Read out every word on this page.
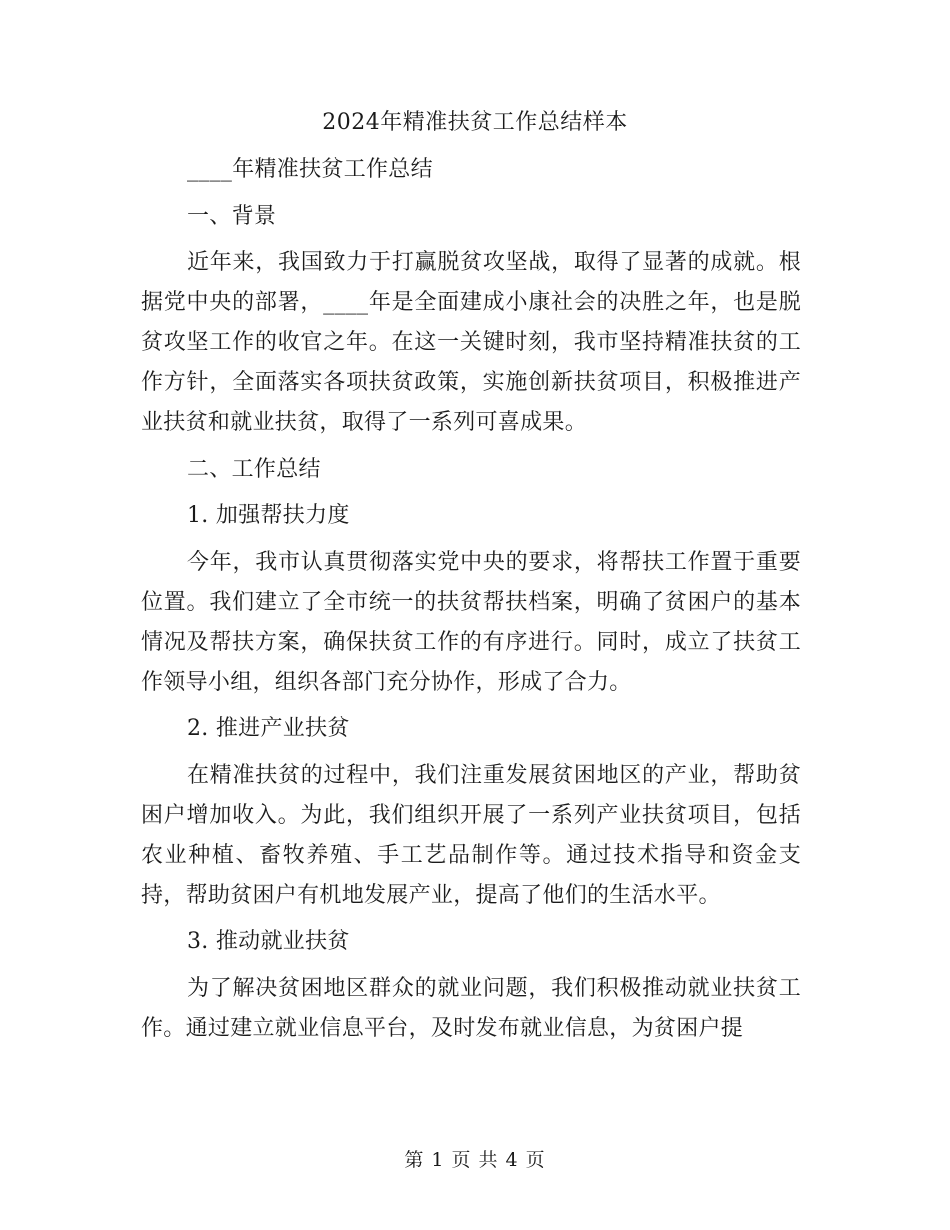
2024年精准扶贫工作总结样本

____年精准扶贫工作总结

一、背景

近年来，我国致力于打赢脱贫攻坚战，取得了显著的成就。根据党中央的部署，____年是全面建成小康社会的决胜之年，也是脱贫攻坚工作的收官之年。在这一关键时刻，我市坚持精准扶贫的工作方针，全面落实各项扶贫政策，实施创新扶贫项目，积极推进产业扶贫和就业扶贫，取得了一系列可喜成果。

二、工作总结

1. 加强帮扶力度

今年，我市认真贯彻落实党中央的要求，将帮扶工作置于重要位置。我们建立了全市统一的扶贫帮扶档案，明确了贫困户的基本情况及帮扶方案，确保扶贫工作的有序进行。同时，成立了扶贫工作领导小组，组织各部门充分协作，形成了合力。

2. 推进产业扶贫

在精准扶贫的过程中，我们注重发展贫困地区的产业，帮助贫困户增加收入。为此，我们组织开展了一系列产业扶贫项目，包括农业种植、畜牧养殖、手工艺品制作等。通过技术指导和资金支持，帮助贫困户有机地发展产业，提高了他们的生活水平。

3. 推动就业扶贫

为了解决贫困地区群众的就业问题，我们积极推动就业扶贫工作。通过建立就业信息平台，及时发布就业信息，为贫困户提

第 1 页 共 4 页
